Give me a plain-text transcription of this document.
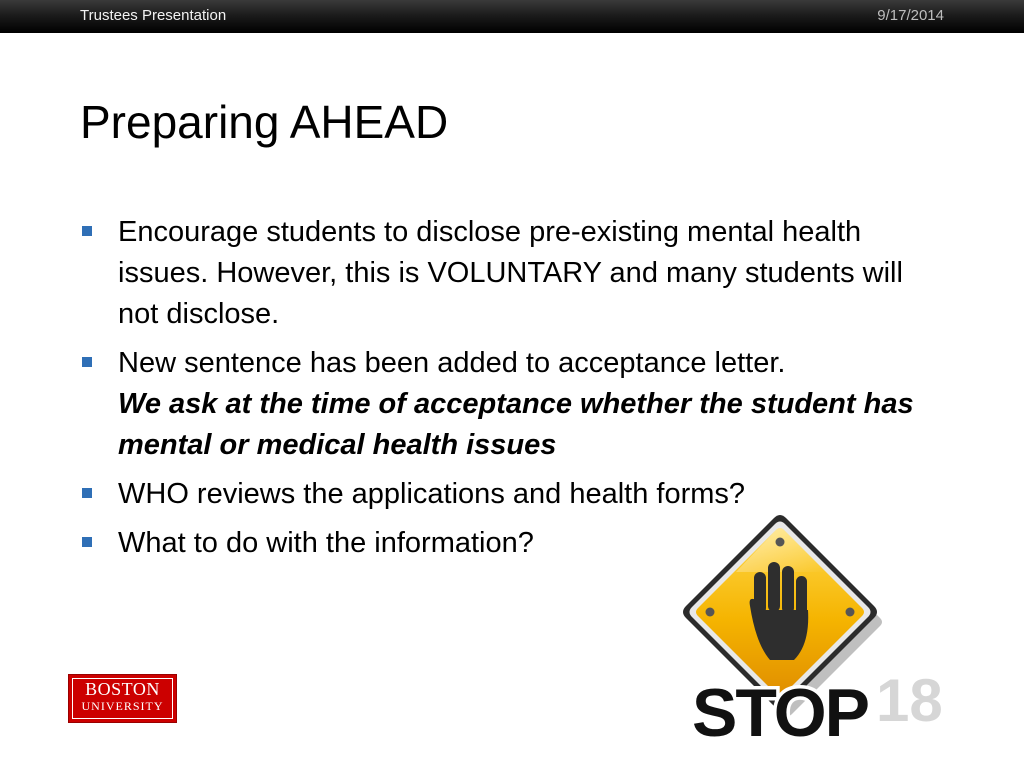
Trustees Presentation	9/17/2014
Preparing AHEAD
Encourage students to disclose pre-existing mental health issues. However, this is VOLUNTARY and many students will not disclose.
New sentence has been added to acceptance letter.
We ask at the time of acceptance whether the student has mental or medical health issues
WHO reviews the applications and health forms?
What to do with the information?
BOSTON
UNIVERSITY	STOP 18
